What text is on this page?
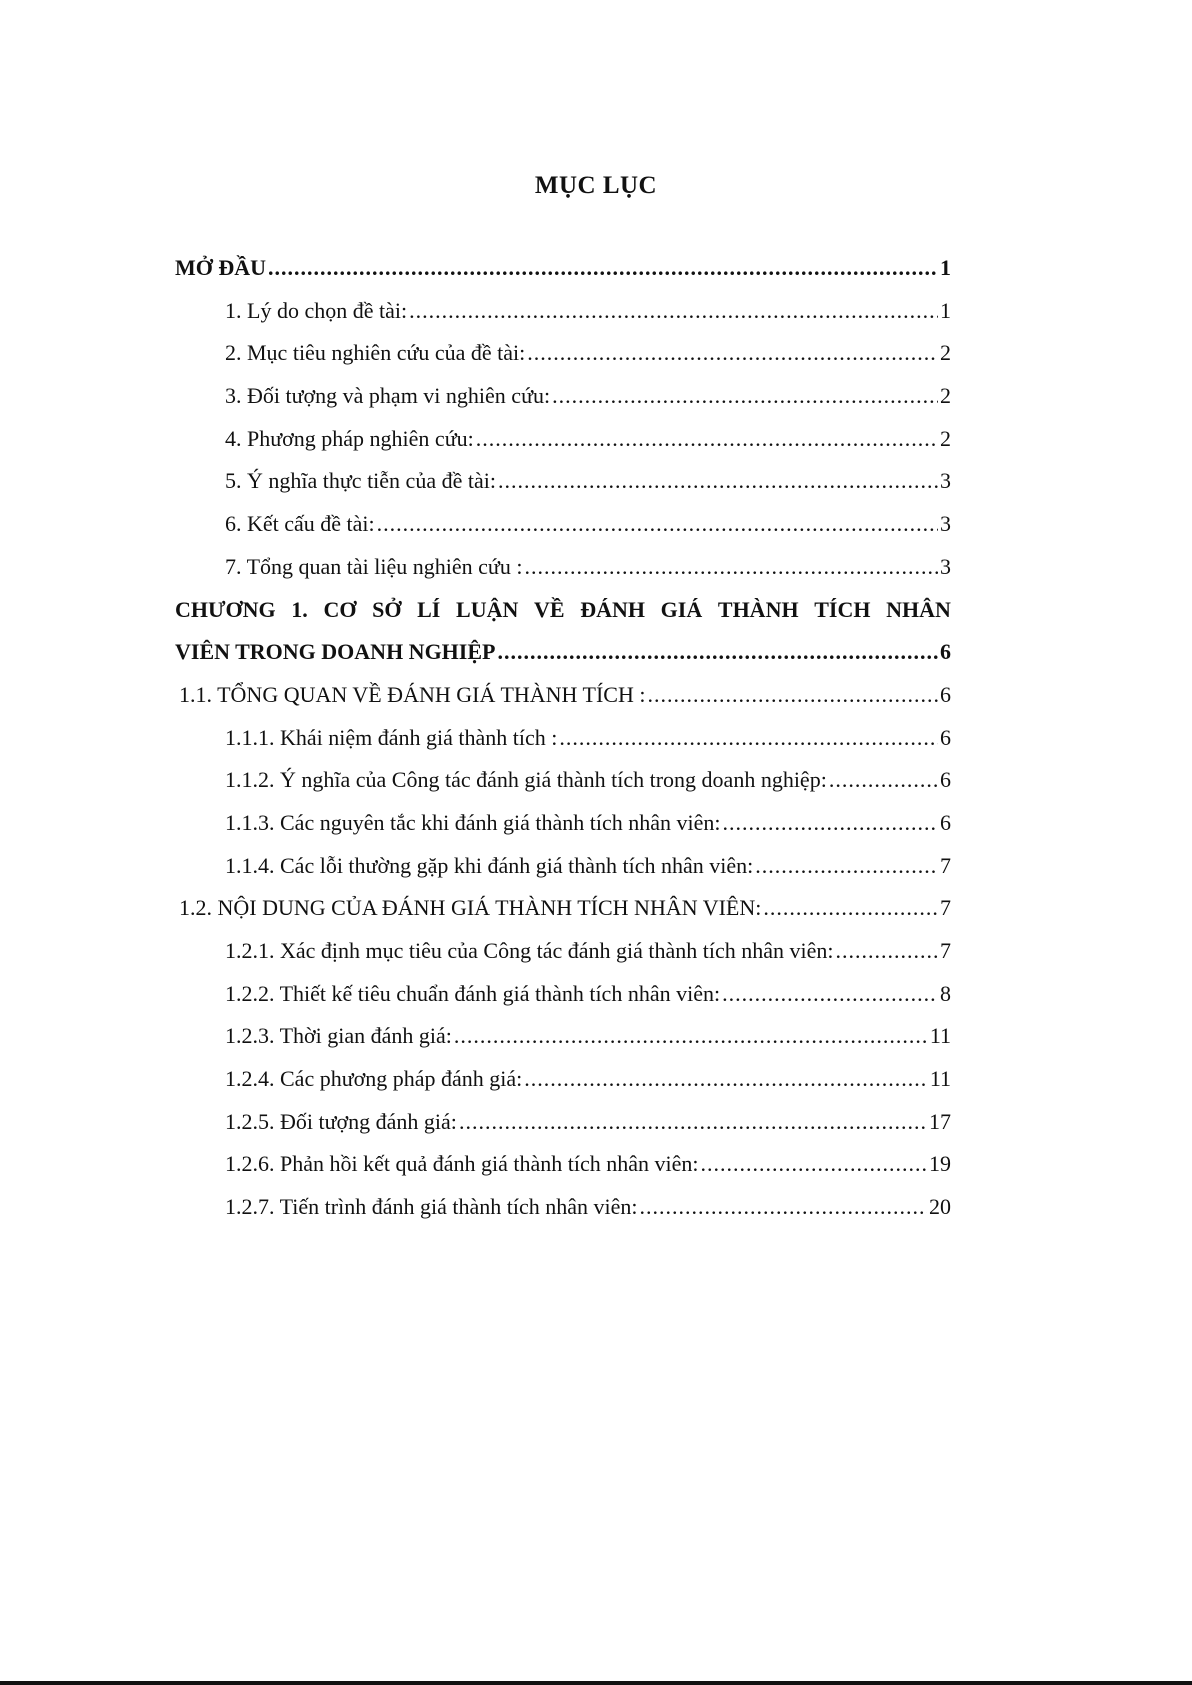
MỤC LỤC
MỞ ĐẦU .....	1
1. Lý do chọn đề tài: .....	1
2. Mục tiêu nghiên cứu của đề tài: .....	2
3. Đối tượng và phạm vi nghiên cứu: .....	2
4. Phương pháp nghiên cứu: .....	2
5. Ý nghĩa thực tiễn của đề tài: .....	3
6. Kết cấu đề tài: .....	3
7. Tổng quan tài liệu nghiên cứu : .....	3
CHƯƠNG 1. CƠ SỞ LÍ LUẬN VỀ ĐÁNH GIÁ THÀNH TÍCH NHÂN
VIÊN TRONG DOANH NGHIỆP .....	6
1.1. TỔNG QUAN VỀ ĐÁNH GIÁ THÀNH TÍCH : .....	6
1.1.1. Khái niệm đánh giá thành tích : .....	6
1.1.2. Ý nghĩa của Công tác đánh giá thành tích trong doanh nghiệp: .....	6
1.1.3. Các nguyên tắc khi đánh giá thành tích nhân viên: .....	6
1.1.4. Các lỗi thường gặp khi đánh giá thành tích nhân viên: .....	7
1.2. NỘI DUNG CỦA ĐÁNH GIÁ THÀNH TÍCH NHÂN VIÊN: .....	7
1.2.1. Xác định mục tiêu của Công tác đánh giá thành tích nhân viên: .....	7
1.2.2. Thiết kế tiêu chuẩn đánh giá thành tích nhân viên: .....	8
1.2.3. Thời gian đánh giá: .....	11
1.2.4. Các phương pháp đánh giá: .....	11
1.2.5. Đối tượng đánh giá: .....	17
1.2.6. Phản hồi kết quả đánh giá thành tích nhân viên: .....	19
1.2.7. Tiến trình đánh giá thành tích nhân viên: .....	20
